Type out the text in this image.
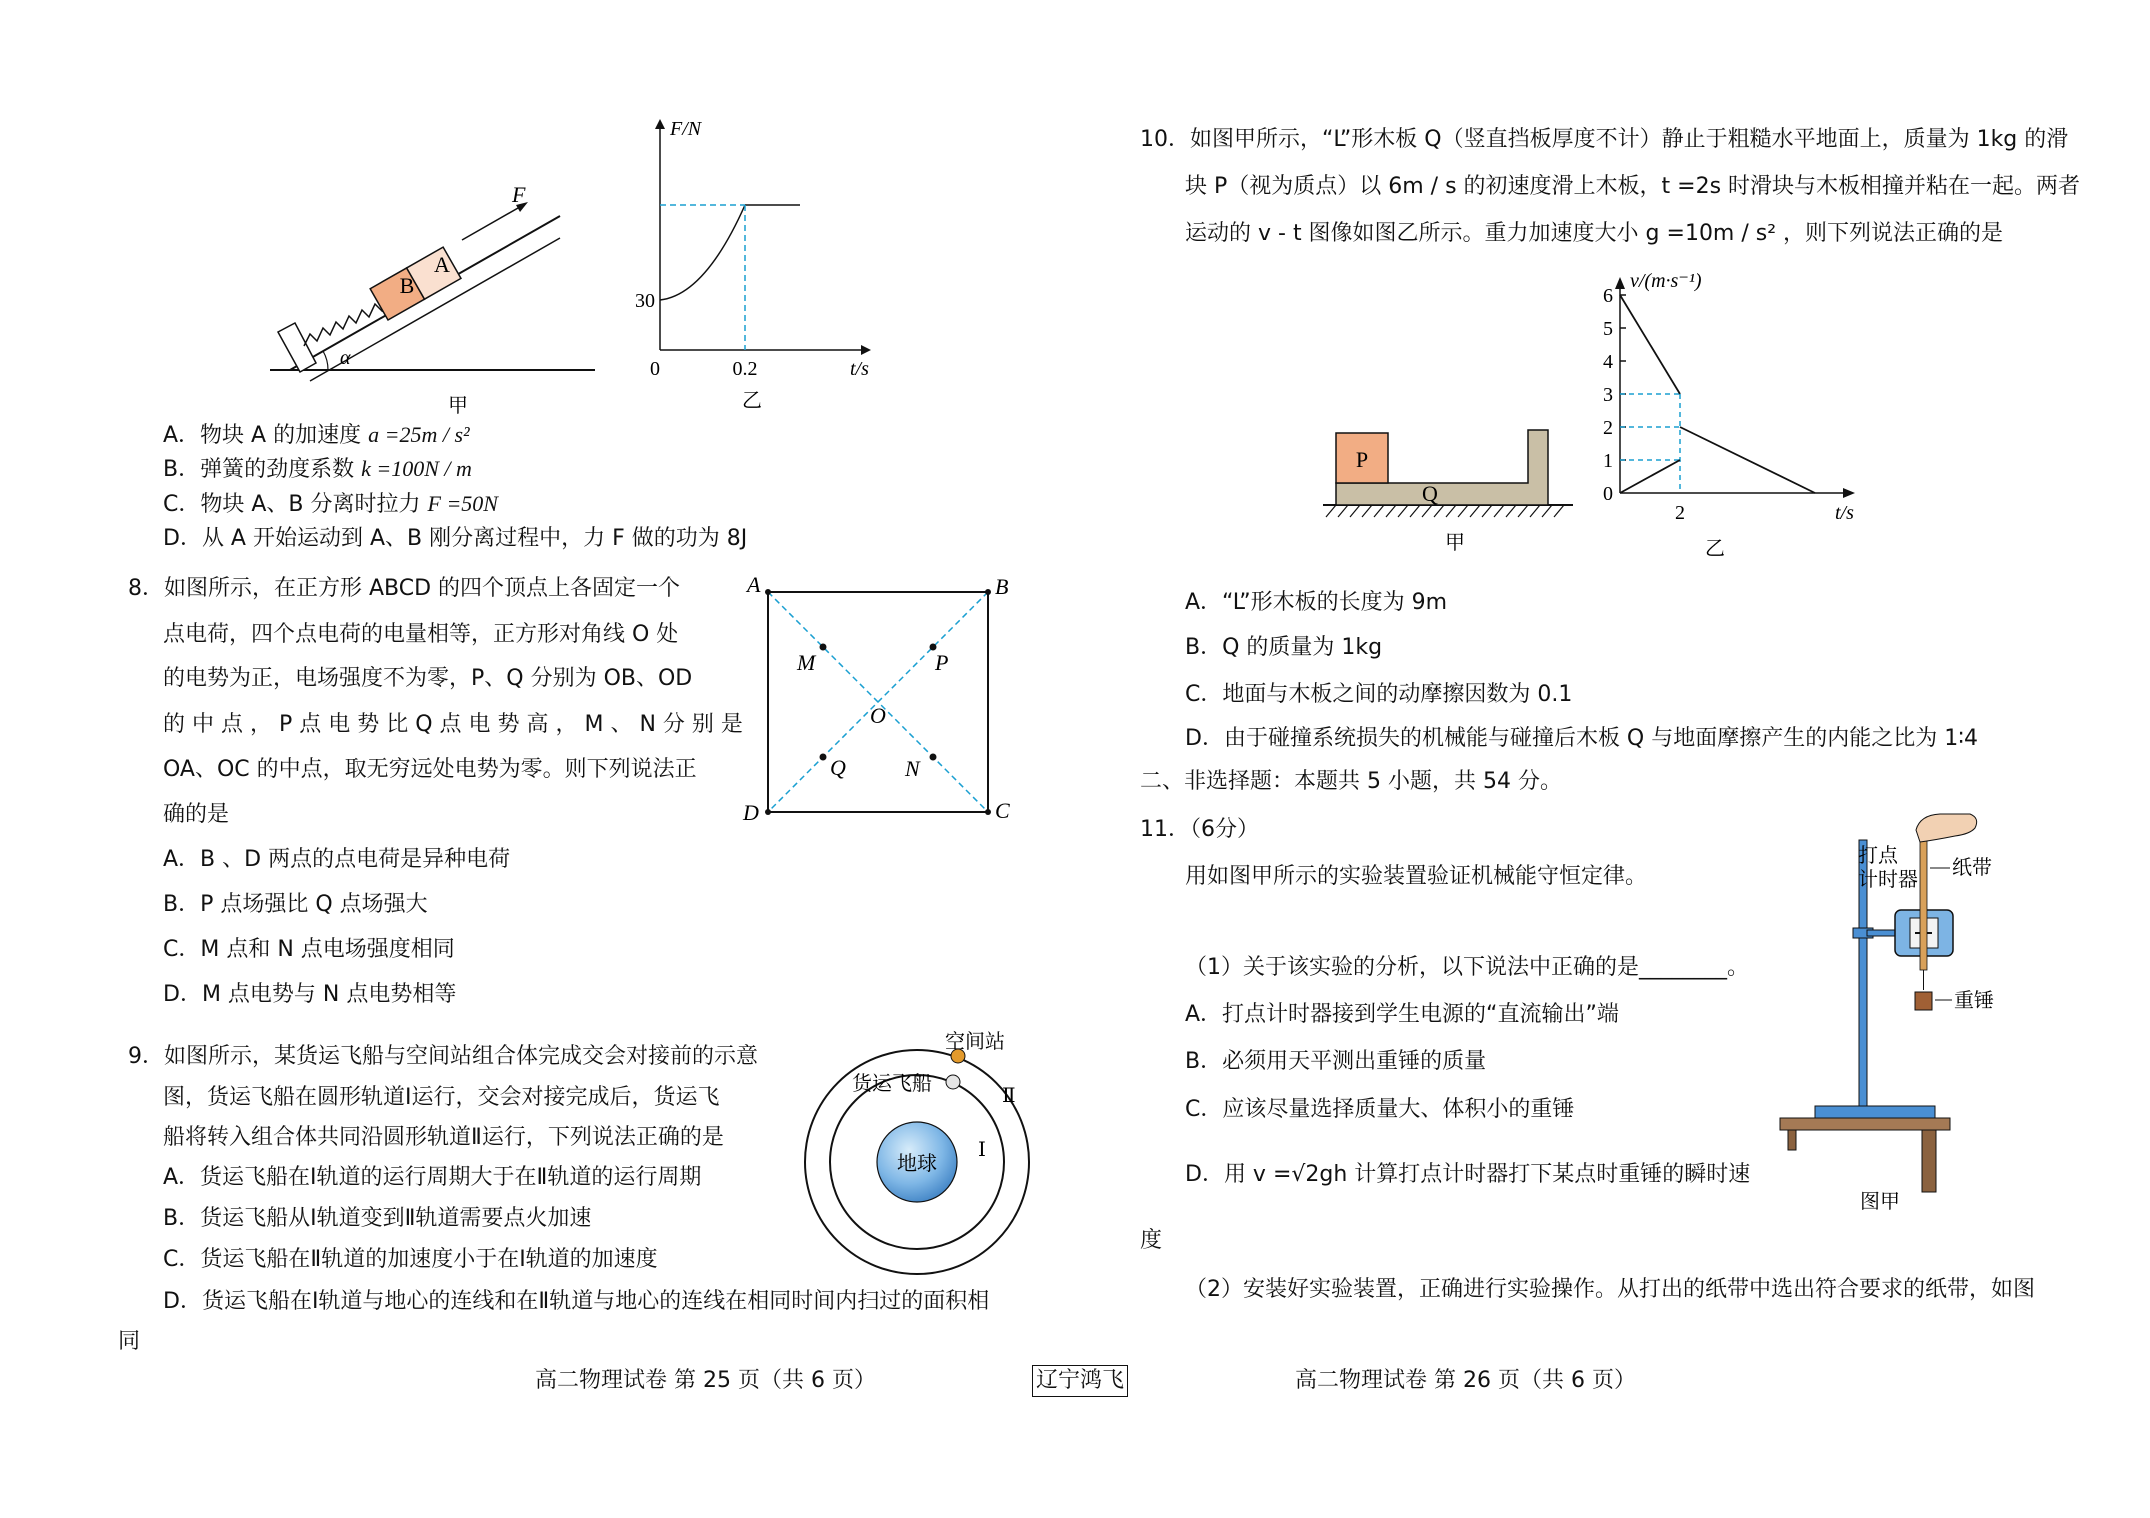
B
A
F
α
甲
F/N
t/s
30
0.2
0
乙
A．物块 A 的加速度 a =25m / s²
B．弹簧的劲度系数 k =100N / m
C．物块 A、B 分离时拉力 F =50N
D．从 A 开始运动到 A、B 刚分离过程中，力 F 做的功为 8J
8．如图所示，在正方形 ABCD 的四个顶点上各固定一个
点电荷，四个点电荷的电量相等，正方形对角线 O 处
的电势为正，电场强度不为零，P、Q 分别为 OB、OD
的 中 点 ， P 点 电 势 比 Q 点 电 势 高 ， M 、 N 分 别 是
OA、OC 的中点，取无穷远处电势为零。则下列说法正
确的是
A	B
C
D
O
M	P
Q	N
A．B 、D 两点的点电荷是异种电荷
B．P 点场强比 Q 点场强大
C．M 点和 N 点电场强度相同
D．M 点电势与 N 点电势相等
9．如图所示，某货运飞船与空间站组合体完成交会对接前的示意
图，货运飞船在圆形轨道Ⅰ运行，交会对接完成后，货运飞
船将转入组合体共同沿圆形轨道Ⅱ运行，下列说法正确的是
A．货运飞船在Ⅰ轨道的运行周期大于在Ⅱ轨道的运行周期
B．货运飞船从Ⅰ轨道变到Ⅱ轨道需要点火加速
C．货运飞船在Ⅱ轨道的加速度小于在Ⅰ轨道的加速度
D．货运飞船在Ⅰ轨道与地心的连线和在Ⅱ轨道与地心的连线在相同时间内扫过的面积相
同
地球
空间站
货运飞船
Ⅱ
Ⅰ
10．如图甲所示，“L”形木板 Q（竖直挡板厚度不计）静止于粗糙水平地面上，质量为 1kg 的滑
块 P（视为质点）以 6m / s 的初速度滑上木板，t =2s 时滑块与木板相撞并粘在一起。两者
运动的 v - t 图像如图乙所示。重力加速度大小 g =10m / s² ，则下列说法正确的是
P
Q
甲
v/(m·s⁻¹)
t/s
6
5
4
3
2
1
0
2
乙
A．“L”形木板的长度为 9m
B．Q 的质量为 1kg
C．地面与木板之间的动摩擦因数为 0.1
D．由于碰撞系统损失的机械能与碰撞后木板 Q 与地面摩擦产生的内能之比为 1∶4
二、非选择题：本题共 5 小题，共 54 分。
11．（6分）
用如图甲所示的实验装置验证机械能守恒定律。
（1）关于该实验的分析，以下说法中正确的是________。
A．打点计时器接到学生电源的“直流输出”端
B．必须用天平测出重锤的质量
C．应该尽量选择质量大、体积小的重锤
D．用 v =√2gh 计算打点计时器打下某点时重锤的瞬时速
度
（2）安装好实验装置，正确进行实验操作。从打出的纸带中选出符合要求的纸带，如图
打点
计时器 纸带
重锤
图甲
高二物理试卷 第 25 页（共 6 页）	辽宁鸿飞	高二物理试卷 第 26 页（共 6 页）
